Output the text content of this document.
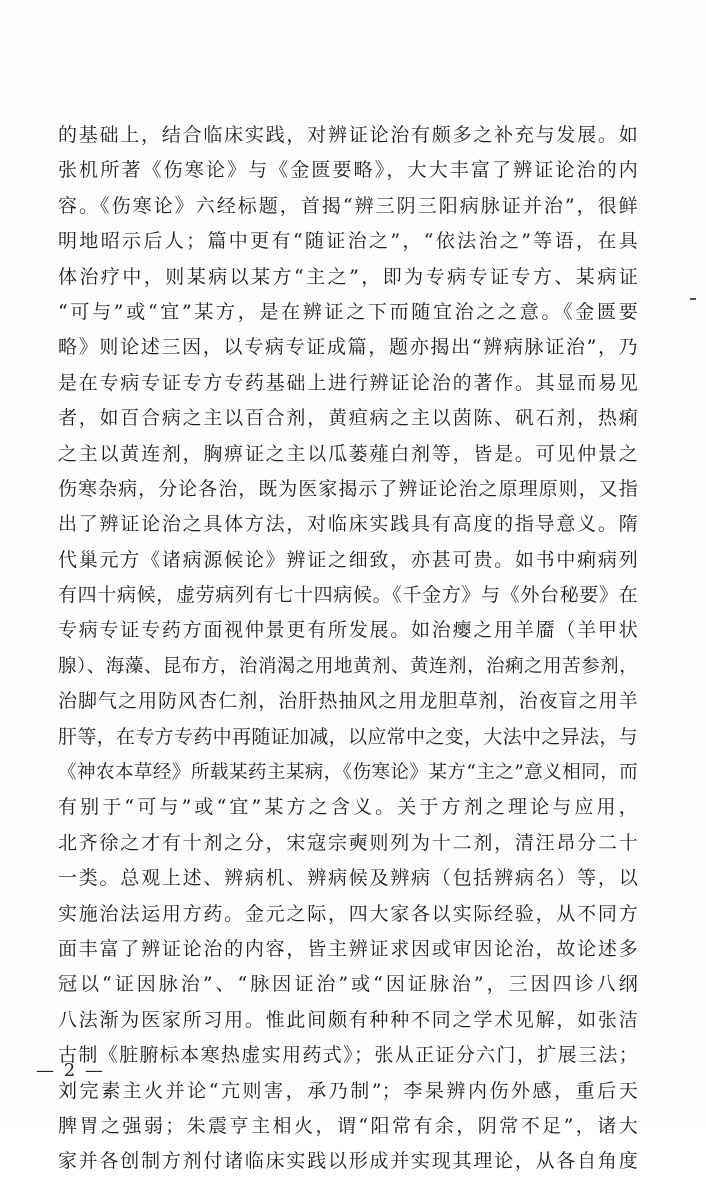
的基础上，结合临床实践，对辨证论治有颇多之补充与发展。如
张机所著《伤寒论》与《金匮要略》，大大丰富了辨证论治的内
容。《伤寒论》六经标题，首揭“辨三阴三阳病脉证并治”，很鲜
明地昭示后人；篇中更有“随证治之”，“依法治之”等语，在具
体治疗中，则某病以某方“主之”，即为专病专证专方、某病证
“可与”或“宜”某方，是在辨证之下而随宜治之之意。《金匮要
略》则论述三因，以专病专证成篇，题亦揭出“辨病脉证治”，乃
是在专病专证专方专药基础上进行辨证论治的著作。其显而易见
者，如百合病之主以百合剂，黄疸病之主以茵陈、矾石剂，热痢
之主以黄连剂，胸痹证之主以瓜蒌薤白剂等，皆是。可见仲景之
伤寒杂病，分论各治，既为医家揭示了辨证论治之原理原则，又指
出了辨证论治之具体方法，对临床实践具有高度的指导意义。隋
代巢元方《诸病源候论》辨证之细致，亦甚可贵。如书中痢病列
有四十病候，虚劳病列有七十四病候。《千金方》与《外台秘要》在
专病专证专药方面视仲景更有所发展。如治瘿之用羊靥（羊甲状
腺）、海藻、昆布方，治消渴之用地黄剂、黄连剂，治痢之用苦参剂，
治脚气之用防风杏仁剂，治肝热抽风之用龙胆草剂，治夜盲之用羊
肝等，在专方专药中再随证加减，以应常中之变，大法中之异法，与
《神农本草经》所载某药主某病，《伤寒论》某方“主之”意义相同，而
有别于“可与”或“宜”某方之含义。关于方剂之理论与应用，
北齐徐之才有十剂之分，宋寇宗奭则列为十二剂，清汪昂分二十
一类。总观上述、辨病机、辨病候及辨病（包括辨病名）等，以
实施治法运用方药。金元之际，四大家各以实际经验，从不同方
面丰富了辨证论治的内容，皆主辨证求因或审因论治，故论述多
冠以“证因脉治”、“脉因证治”或“因证脉治”，三因四诊八纲
八法渐为医家所习用。惟此间颇有种种不同之学术见解，如张洁
古制《脏腑标本寒热虚实用药式》；张从正证分六门，扩展三法；
刘完素主火并论“亢则害，承乃制”；李杲辨内伤外感，重后天
脾胃之强弱；朱震亨主相火，谓“阳常有余，阴常不足”，诸大
家并各创制方剂付诸临床实践以形成并实现其理论，从各自角度
— 2 —
